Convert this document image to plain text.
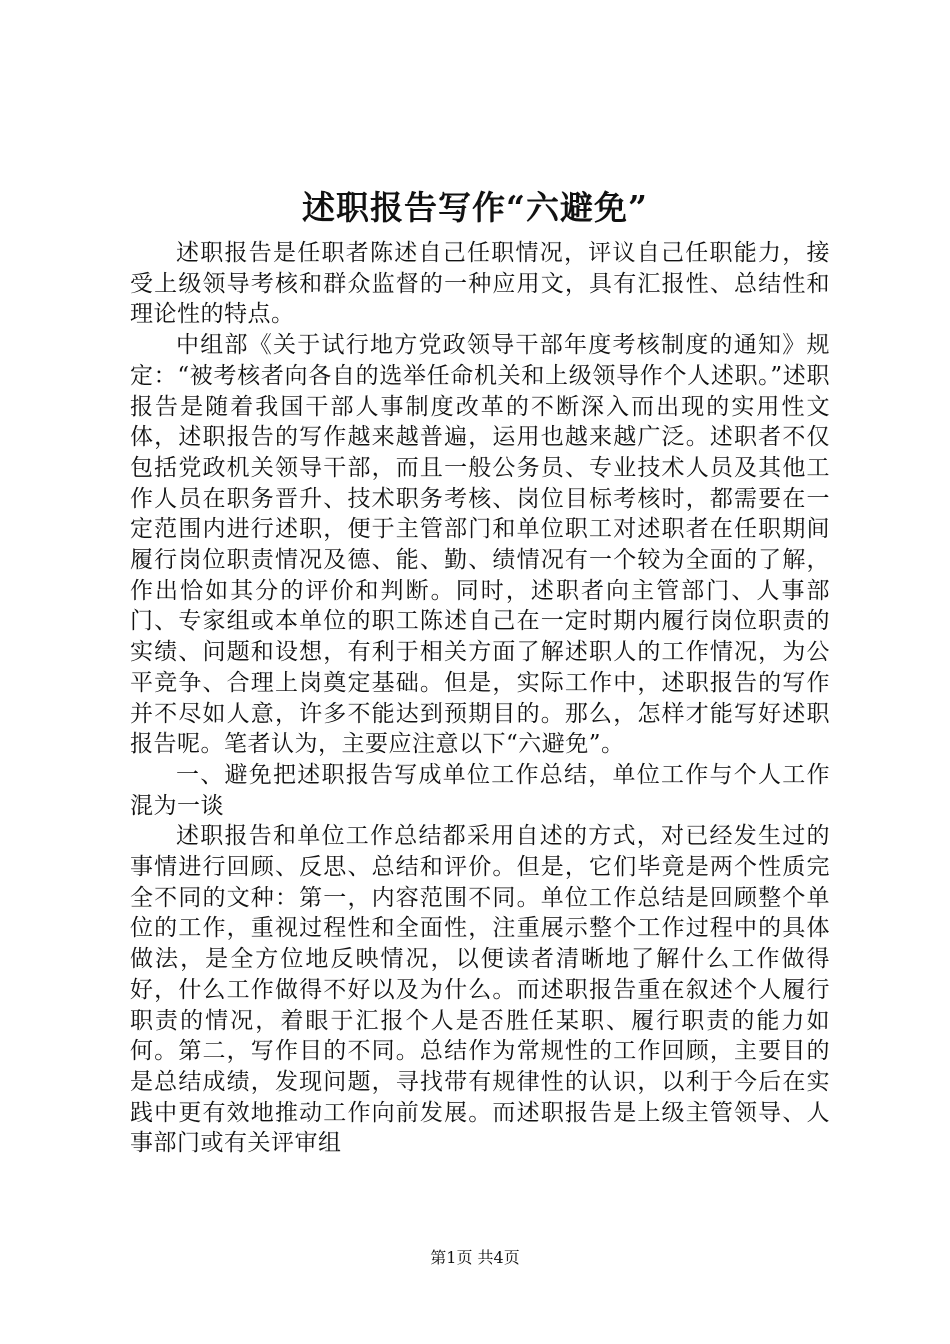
述职报告写作“六避免”

述职报告是任职者陈述自己任职情况，评议自己任职能力，接受上级领导考核和群众监督的一种应用文，具有汇报性、总结性和理论性的特点。

中组部《关于试行地方党政领导干部年度考核制度的通知》规定：“被考核者向各自的选举任命机关和上级领导作个人述职。”述职报告是随着我国干部人事制度改革的不断深入而出现的实用性文体，述职报告的写作越来越普遍，运用也越来越广泛。述职者不仅包括党政机关领导干部，而且一般公务员、专业技术人员及其他工作人员在职务晋升、技术职务考核、岗位目标考核时，都需要在一定范围内进行述职，便于主管部门和单位职工对述职者在任职期间履行岗位职责情况及德、能、勤、绩情况有一个较为全面的了解，作出恰如其分的评价和判断。同时，述职者向主管部门、人事部门、专家组或本单位的职工陈述自己在一定时期内履行岗位职责的实绩、问题和设想，有利于相关方面了解述职人的工作情况，为公平竞争、合理上岗奠定基础。但是，实际工作中，述职报告的写作并不尽如人意，许多不能达到预期目的。那么，怎样才能写好述职报告呢。笔者认为，主要应注意以下“六避免”。

一、避免把述职报告写成单位工作总结，单位工作与个人工作混为一谈

述职报告和单位工作总结都采用自述的方式，对已经发生过的事情进行回顾、反思、总结和评价。但是，它们毕竟是两个性质完全不同的文种：第一，内容范围不同。单位工作总结是回顾整个单位的工作，重视过程性和全面性，注重展示整个工作过程中的具体做法，是全方位地反映情况，以便读者清晰地了解什么工作做得好，什么工作做得不好以及为什么。而述职报告重在叙述个人履行职责的情况，着眼于汇报个人是否胜任某职、履行职责的能力如何。第二，写作目的不同。总结作为常规性的工作回顾，主要目的是总结成绩，发现问题，寻找带有规律性的认识，以利于今后在实践中更有效地推动工作向前发展。而述职报告是上级主管领导、人事部门或有关评审组

第1页 共4页
